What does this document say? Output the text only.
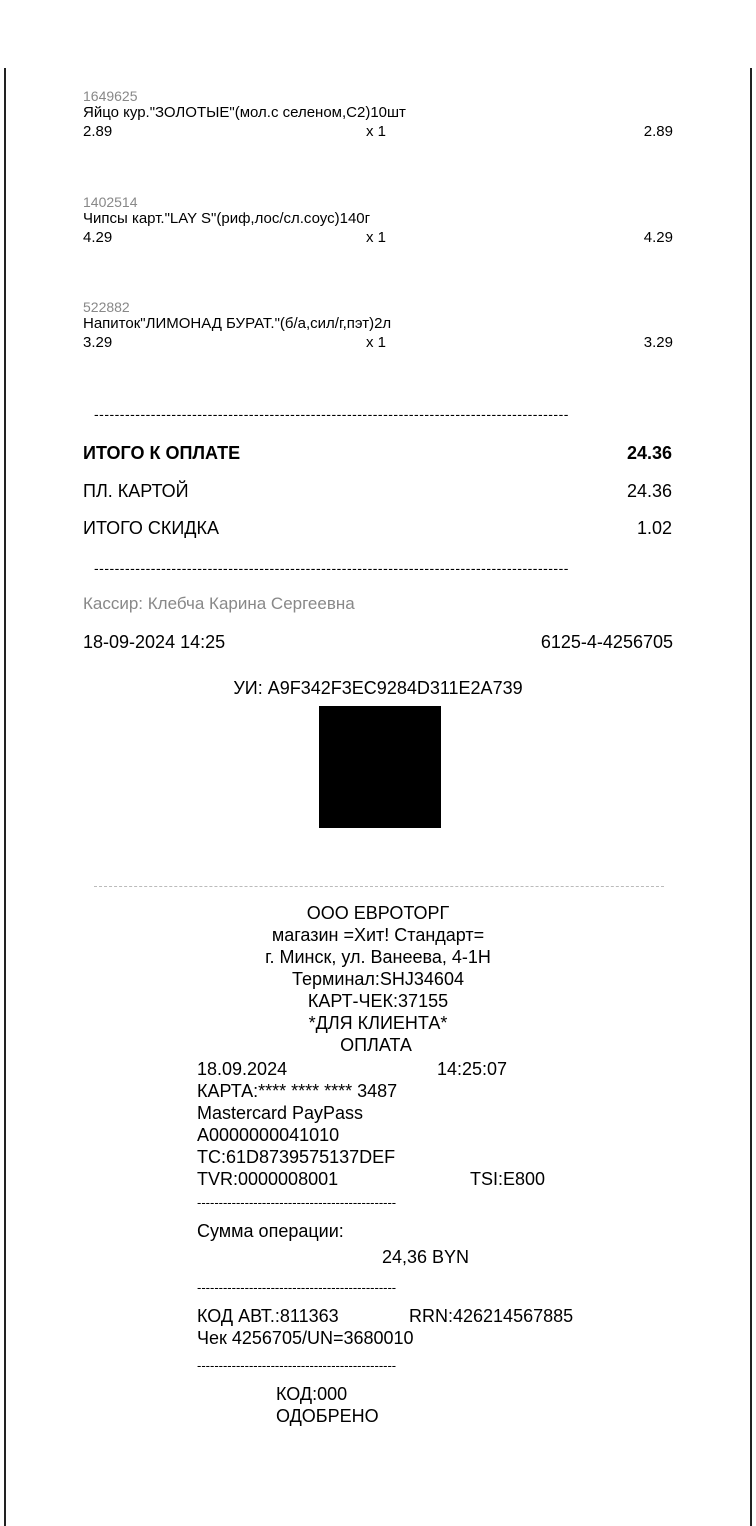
1649625
Яйцо кур."ЗОЛОТЫЕ"(мол.с селеном,С2)10шт
2.89	x 1	2.89
1402514
Чипсы карт."LAY S"(риф,лос/сл.соус)140г
4.29	x 1	4.29
522882
Напиток"ЛИМОНАД БУРАТ."(б/а,сил/г,пэт)2л
3.29	x 1	3.29
--------------------------------------------------------------------------------------------
ИТОГО К ОПЛАТЕ	24.36
ПЛ. КАРТОЙ	24.36
ИТОГО СКИДКА	1.02
--------------------------------------------------------------------------------------------
Кассир: Клебча Карина Сергеевна
18-09-2024 14:25	6125-4-4256705
УИ: A9F342F3EC9284D311E2A739
ООО ЕВРОТОРГ
магазин =Хит! Стандарт=
г. Минск, ул. Ванеева, 4-1Н
Терминал:SHJ34604
КАРТ-ЧЕК:37155
*ДЛЯ КЛИЕНТА*
ОПЛАТА
18.09.2024	14:25:07
КАРТА:**** **** **** 3487
Mastercard PayPass
A0000000041010
TC:61D8739575137DEF
TVR:0000008001	TSI:E800
----------------------------------------------
Сумма операции:
24,36 BYN
----------------------------------------------
КОД АВТ.:811363	RRN:426214567885
Чек 4256705/UN=3680010
----------------------------------------------
КОД:000
ОДОБРЕНО
